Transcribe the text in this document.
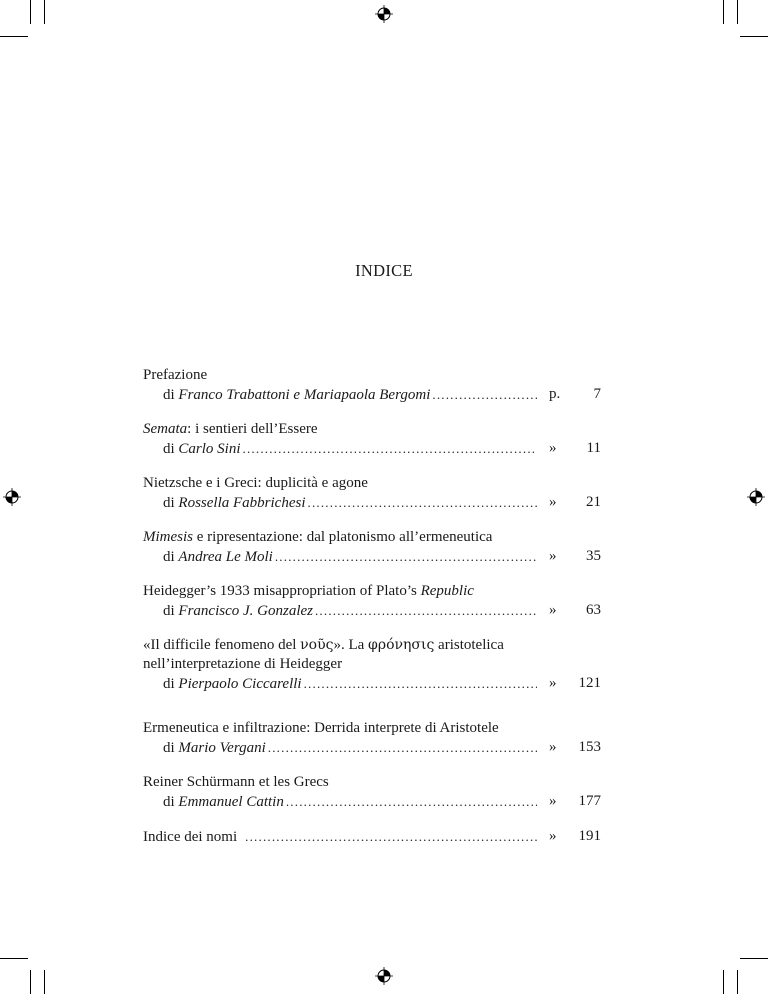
INDICE
Prefazione
di Franco Trabattoni e Mariapaola Bergomi .....	p.	7
Semata: i sentieri dell’Essere
di Carlo Sini .....	»	11
Nietzsche e i Greci: duplicità e agone
di Rossella Fabbrichesi .....	»	21
Mimesis e ripresentazione: dal platonismo all’ermeneutica
di Andrea Le Moli .....	»	35
Heidegger’s 1933 misappropriation of Plato’s Republic
di Francisco J. Gonzalez .....	»	63
«Il difficile fenomeno del νοῦς». La φρόνησις aristotelica
nell’interpretazione di Heidegger
di Pierpaolo Ciccarelli .....	»	121
Ermeneutica e infiltrazione: Derrida interprete di Aristotele
di Mario Vergani .....	»	153
Reiner Schürmann et les Grecs
di Emmanuel Cattin .....	»	177
Indice dei nomi .....	»	191
